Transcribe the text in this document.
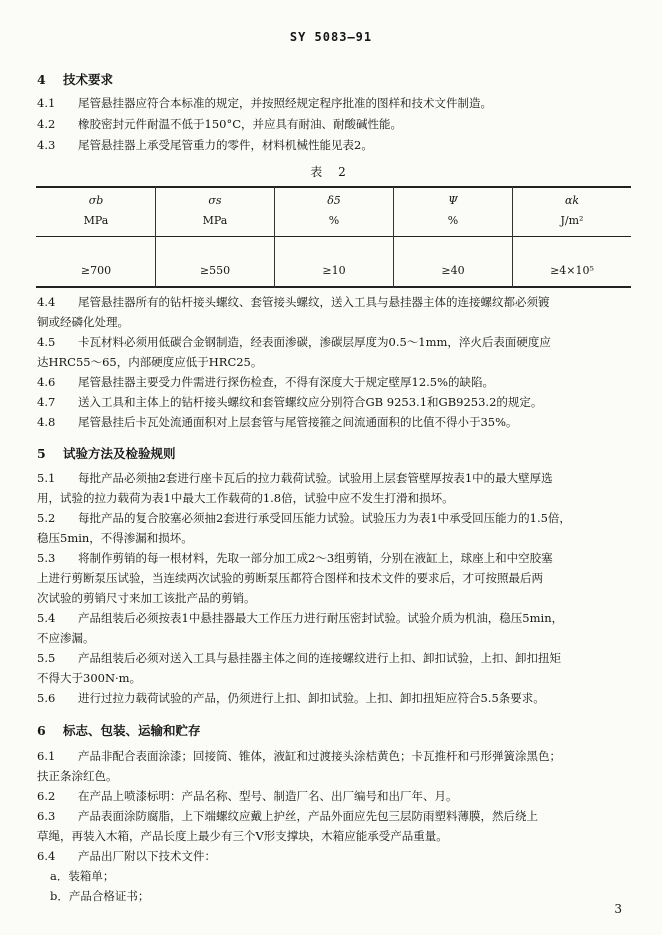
SY 5083—91
4 技术要求
4.1 尾管悬挂器应符合本标准的规定，并按照经规定程序批准的图样和技术文件制造。
4.2 橡胶密封元件耐温不低于150°C，并应具有耐油、耐酸碱性能。
4.3 尾管悬挂器上承受尾管重力的零件，材料机械性能见表2。
表 2
σb	σs	δ5	Ψ	αk
MPa	MPa	%	%	J/m²
≥700	≥550	≥10	≥40	≥4×10⁵
4.4 尾管悬挂器所有的钻杆接头螺纹、套管接头螺纹，送入工具与悬挂器主体的连接螺纹都必须镀
铜或经磷化处理。
4.5 卡瓦材料必须用低碳合金钢制造，经表面渗碳，渗碳层厚度为0.5～1mm，淬火后表面硬度应
达HRC55～65，内部硬度应低于HRC25。
4.6 尾管悬挂器主要受力件需进行探伤检查，不得有深度大于规定壁厚12.5%的缺陷。
4.7 送入工具和主体上的钻杆接头螺纹和套管螺纹应分别符合GB 9253.1和GB9253.2的规定。
4.8 尾管悬挂后卡瓦处流通面积对上层套管与尾管接箍之间流通面积的比值不得小于35%。
5 试验方法及检验规则
5.1 每批产品必须抽2套进行座卡瓦后的拉力载荷试验。试验用上层套管壁厚按表1中的最大壁厚选
用，试验的拉力载荷为表1中最大工作载荷的1.8倍，试验中应不发生打滑和损坏。
5.2 每批产品的复合胶塞必须抽2套进行承受回压能力试验。试验压力为表1中承受回压能力的1.5倍，
稳压5min，不得渗漏和损坏。
5.3 将制作剪销的每一根材料，先取一部分加工成2～3组剪销，分别在液缸上，球座上和中空胶塞
上进行剪断泵压试验，当连续两次试验的剪断泵压都符合图样和技术文件的要求后，才可按照最后两
次试验的剪销尺寸来加工该批产品的剪销。
5.4 产品组装后必须按表1中悬挂器最大工作压力进行耐压密封试验。试验介质为机油，稳压5min，
不应渗漏。
5.5 产品组装后必须对送入工具与悬挂器主体之间的连接螺纹进行上扣、卸扣试验，上扣、卸扣扭矩
不得大于300N·m。
5.6 进行过拉力载荷试验的产品，仍须进行上扣、卸扣试验。上扣、卸扣扭矩应符合5.5条要求。
6 标志、包装、运输和贮存
6.1 产品非配合表面涂漆；回接筒、锥体，液缸和过渡接头涂桔黄色；卡瓦推杆和弓形弹簧涂黑色；
扶正条涂红色。
6.2 在产品上喷漆标明：产品名称、型号、制造厂名、出厂编号和出厂年、月。
6.3 产品表面涂防腐脂，上下端螺纹应戴上护丝，产品外面应先包三层防雨塑料薄膜，然后绕上
草绳，再装入木箱，产品长度上最少有三个V形支撑块，木箱应能承受产品重量。
6.4 产品出厂附以下技术文件：
a．装箱单；
b．产品合格证书；
3
